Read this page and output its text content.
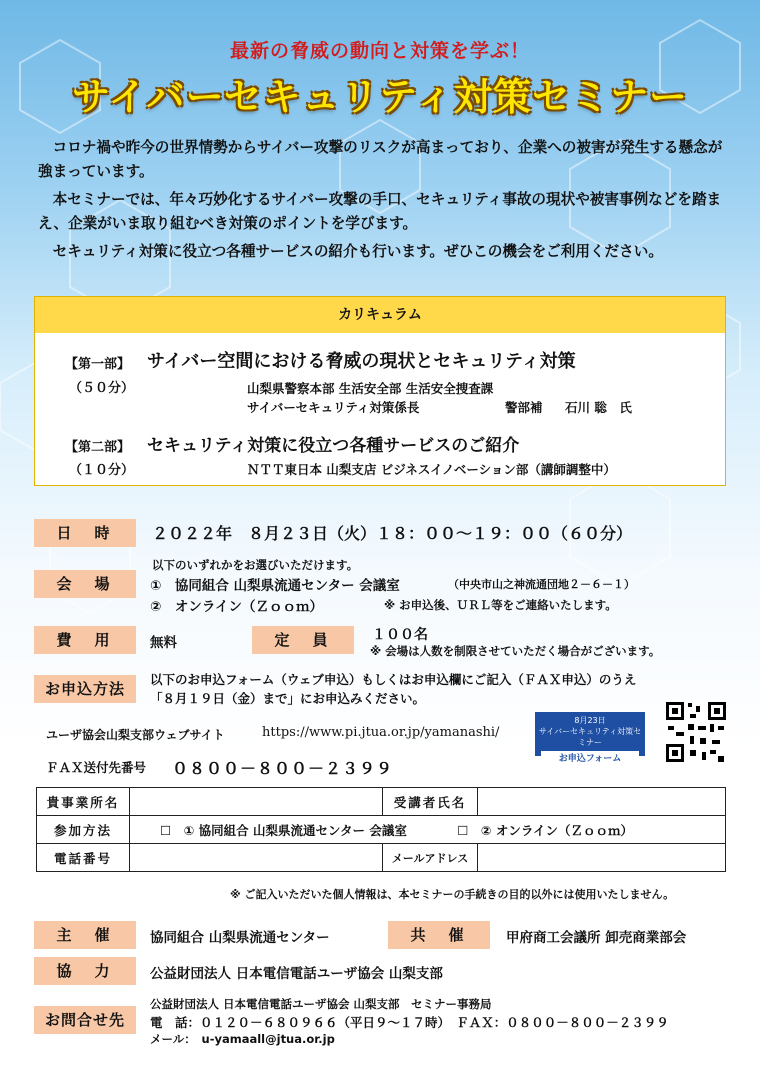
最新の脅威の動向と対策を学ぶ！
サイバーセキュリティ対策セミナー

コロナ禍や昨今の世界情勢からサイバー攻撃のリスクが高まっており、企業への被害が発生する懸念が強まっています。

本セミナーでは、年々巧妙化するサイバー攻撃の手口、セキュリティ事故の現状や被害事例などを踏まえ、企業がいま取り組むべき対策のポイントを学びます。

セキュリティ対策に役立つ各種サービスの紹介も行います。ぜひこの機会をご利用ください。

カリキュラム
【第一部】 サイバー空間における脅威の現状とセキュリティ対策
（５０分）	山梨県警察本部 生活安全部 生活安全捜査課
サイバーセキュリティ対策係長	警部補 石川 聡　氏
【第二部】 セキュリティ対策に役立つ各種サービスのご紹介
（１０分）	ＮＴＴ東日本 山梨支店 ビジネスイノベーション部（講師調整中）
日　時	２０２２年　８月２３日（火）１８：００～１９：００（６０分）
以下のいずれかをお選びいただけます。
会　場	①　協同組合 山梨県流通センター 会議室	（中央市山之神流通団地２－６－１）
②　オンライン（Ｚｏｏｍ）	※ お申込後、ＵＲＬ等をご連絡いたします。
費　用	無料	定　員	１００名
※ 会場は人数を制限させていただく場合がございます。
お申込方法
以下のお申込フォーム（ウェブ申込）もしくはお申込欄にご記入（ＦＡＸ申込）のうえ
「８月１９日（金）まで」にお申込みください。
ユーザ協会山梨支部ウェブサイト	https://www.pi.jtua.or.jp/yamanashi/
8月23日
サイバーセキュリティ対策セミナー
お申込フォーム
ＦＡＸ送付先番号 ０８００－８００－２３９９
貴事業所名		受講者氏名	
参加方法	☐　① 協同組合 山梨県流通センター 会議室 ☐　② オンライン（Ｚｏｏｍ）		
電話番号		メールアドレス	
※ ご記入いただいた個人情報は、本セミナーの手続きの目的以外には使用いたしません。
主　催	協同組合 山梨県流通センター	共　催	甲府商工会議所 卸売商業部会
協　力	公益財団法人 日本電信電話ユーザ協会 山梨支部
お問合せ先
公益財団法人 日本電信電話ユーザ協会 山梨支部　セミナー事務局
電　話：０１２０－６８０９６６（平日９～１７時）　ＦＡＸ：０８００－８００－２３９９
メール：　u-yamaall@jtua.or.jp
